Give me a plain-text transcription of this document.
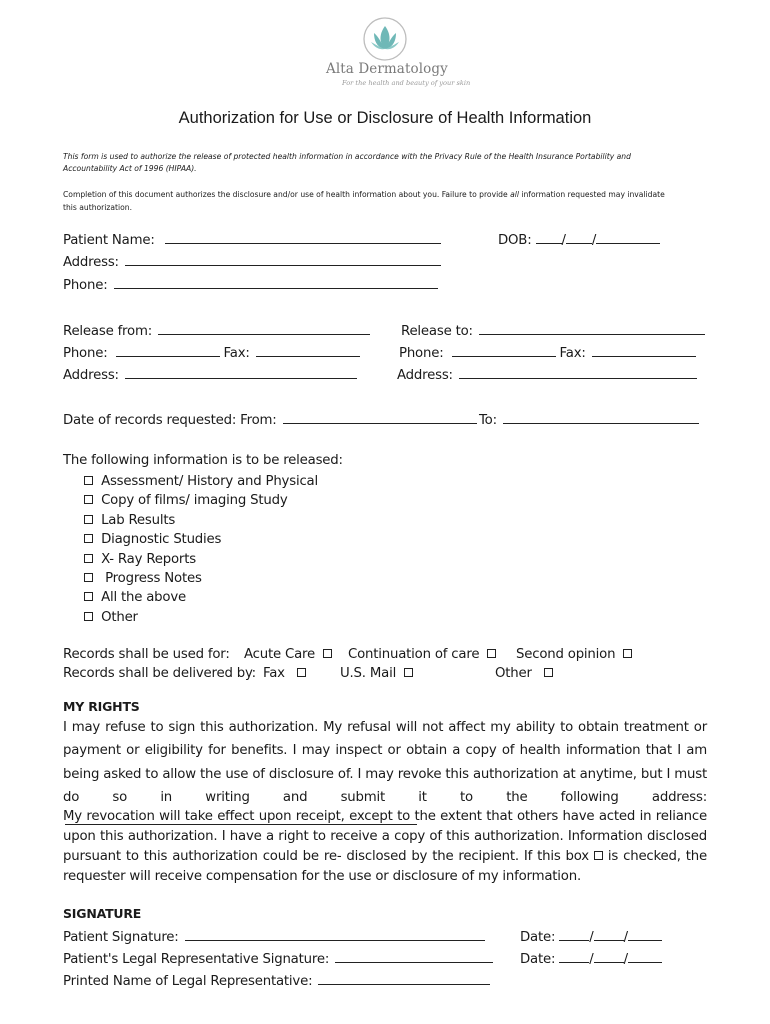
Alta Dermatology
For the health and beauty of your skin
Authorization for Use or Disclosure of Health Information
This form is used to authorize the release of protected health information in accordance with the Privacy Rule of the Health Insurance Portability and Accountability Act of 1996 (HIPAA).
Completion of this document authorizes the disclosure and/or use of health information about you. Failure to provide all information requested may invalidate this authorization.
Patient Name:	DOB: / /
Address:
Phone:
Release from:
Phone:	Fax:
Address:
Release to:
Phone:	Fax:
Address:
Date of records requested: From:	To:
The following information is to be released:
Assessment/ History and Physical
Copy of films/ imaging Study
Lab Results
Diagnostic Studies
X- Ray Reports
Progress Notes
All the above
Other
Records shall be used for: Acute Care	Continuation of care	Second opinion
Records shall be delivered by: Fax	U.S. Mail	Other
MY RIGHTS
I may refuse to sign this authorization. My refusal will not affect my ability to obtain treatment or payment or eligibility for benefits. I may inspect or obtain a copy of health information that I am being asked to allow the use of disclosure of. I may revoke this authorization at anytime, but I must do so in writing and submit it to the following address:
My revocation will take effect upon receipt, except to the extent that others have acted in reliance upon this authorization. I have a right to receive a copy of this authorization. Information disclosed pursuant to this authorization could be re- disclosed by the recipient. If this box  is checked, the requester will receive compensation for the use or disclosure of my information.
SIGNATURE
Patient Signature:	Date:	/ /
Patient's Legal Representative Signature:	Date:	/ /
Printed Name of Legal Representative:
